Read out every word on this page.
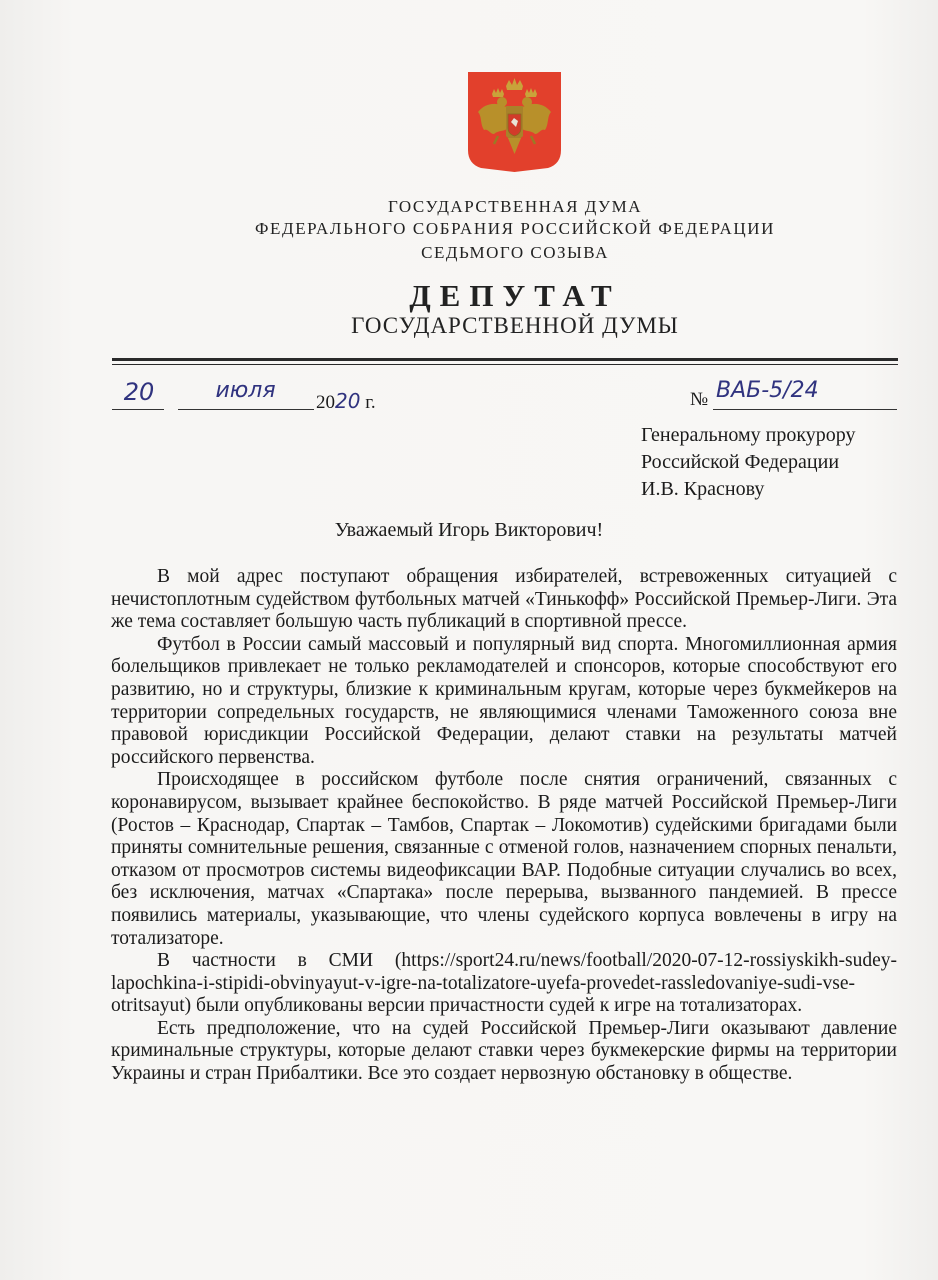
ГОСУДАРСТВЕННАЯ ДУМА
ФЕДЕРАЛЬНОГО СОБРАНИЯ РОССИЙСКОЙ ФЕДЕРАЦИИ
СЕДЬМОГО СОЗЫВА
ДЕПУТАТ
ГОСУДАРСТВЕННОЙ ДУМЫ
20	июля	2020 г.	№ ВАБ-5/24
Генеральному прокурору
Российской Федерации
И.В. Краснову
Уважаемый Игорь Викторович!

В мой адрес поступают обращения избирателей, встревоженных ситуацией с нечистоплотным судейством футбольных матчей «Тинькофф» Российской Премьер-Лиги. Эта же тема составляет большую часть публикаций в спортивной прессе.

Футбол в России самый массовый и популярный вид спорта. Многомиллионная армия болельщиков привлекает не только рекламодателей и спонсоров, которые способствуют его развитию, но и структуры, близкие к криминальным кругам, которые через букмейкеров на территории сопредельных государств, не являющимися членами Таможенного союза вне правовой юрисдикции Российской Федерации, делают ставки на результаты матчей российского первенства.

Происходящее в российском футболе после снятия ограничений, связанных с коронавирусом, вызывает крайнее беспокойство. В ряде матчей Российской Премьер-Лиги (Ростов – Краснодар, Спартак – Тамбов, Спартак – Локомотив) судейскими бригадами были приняты сомнительные решения, связанные с отменой голов, назначением спорных пенальти, отказом от просмотров системы видеофиксации ВАР. Подобные ситуации случались во всех, без исключения, матчах «Спартака» после перерыва, вызванного пандемией. В прессе появились материалы, указывающие, что члены судейского корпуса вовлечены в игру на тотализаторе.

В частности в СМИ (https://sport24.ru/news/football/2020-07-12-rossiyskikh-sudey-lapochkina-i-stipidi-obvinyayut-v-igre-na-totalizatore-uyefa-provedet-rassledovaniye-sudi-vse-otritsayut) были опубликованы версии причастности судей к игре на тотализаторах.

Есть предположение, что на судей Российской Премьер-Лиги оказывают давление криминальные структуры, которые делают ставки через букмекерские фирмы на территории Украины и стран Прибалтики. Все это создает нервозную обстановку в обществе.
